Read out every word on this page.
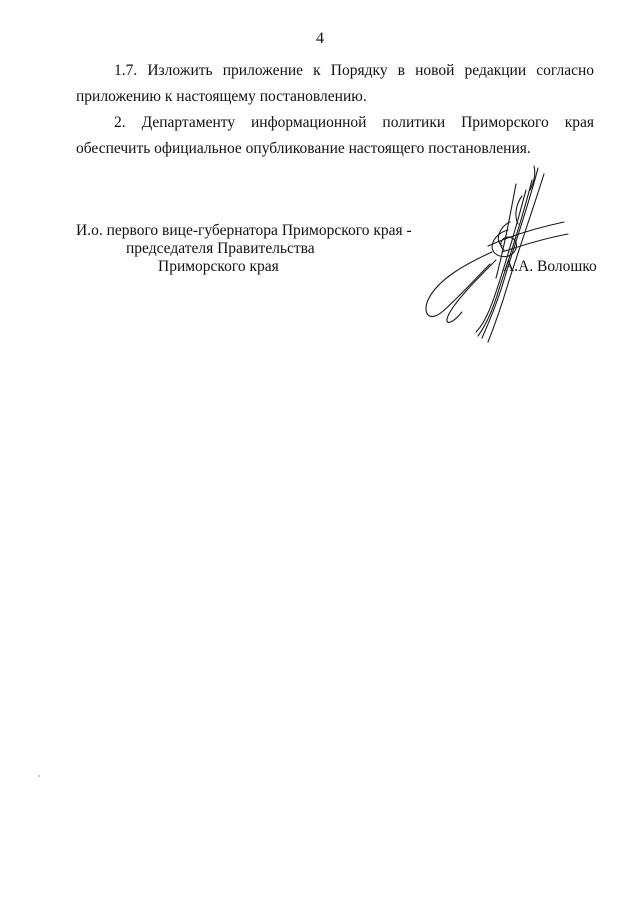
4
1.7. Изложить приложение к Порядку в новой редакции согласно
приложению к настоящему постановлению.
2. Департаменту информационной политики Приморского края
обеспечить официальное опубликование настоящего постановления.
И.о. первого вице-губернатора Приморского края -
председателя Правительства
Приморского края	А.А. Волошко
